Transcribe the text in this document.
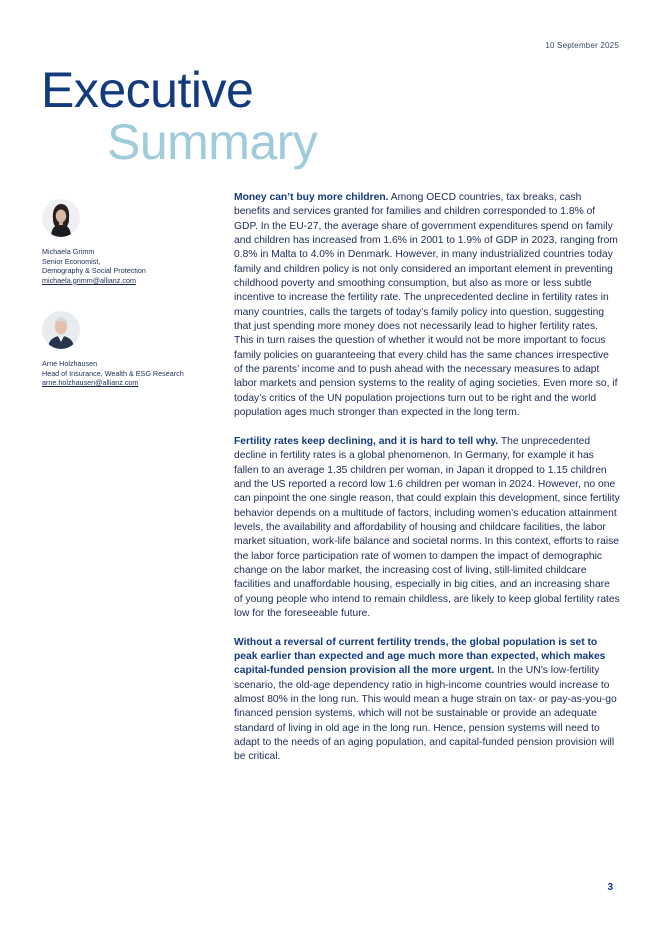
10 September 2025
Executive
Summary
Michaela Grimm
Senior Economist,
Demography & Social Protection
michaela.grimm@allianz.com
Arne Holzhausen
Head of Insurance, Wealth & ESG Research
arne.holzhausen@allianz.com

Money can’t buy more children. Among OECD countries, tax breaks, cash benefits and services granted for families and children corresponded to 1.8% of GDP. In the EU-27, the average share of government expenditures spend on family and children has increased from 1.6% in 2001 to 1.9% of GDP in 2023, ranging from 0.8% in Malta to 4.0% in Denmark. However, in many industrialized countries today family and children policy is not only considered an important element in preventing childhood poverty and smoothing consumption, but also as more or less subtle incentive to increase the fertility rate. The unprecedented decline in fertility rates in many countries, calls the targets of today’s family policy into question, suggesting that just spending more money does not necessarily lead to higher fertility rates. This in turn raises the question of whether it would not be more important to focus family policies on guaranteeing that every child has the same chances irrespective of the parents’ income and to push ahead with the necessary measures to adapt labor markets and pension systems to the reality of aging societies. Even more so, if today’s critics of the UN population projections turn out to be right and the world population ages much stronger than expected in the long term.

Fertility rates keep declining, and it is hard to tell why. The unprecedented decline in fertility rates is a global phenomenon. In Germany, for example it has fallen to an average 1.35 children per woman, in Japan it dropped to 1.15 children and the US reported a record low 1.6 children per woman in 2024. However, no one can pinpoint the one single reason, that could explain this development, since fertility behavior depends on a multitude of factors, including women’s education attainment levels, the availability and affordability of housing and childcare facilities, the labor market situation, work-life balance and societal norms. In this context, efforts to raise the labor force participation rate of women to dampen the impact of demographic change on the labor market, the increasing cost of living, still-limited childcare facilities and unaffordable housing, especially in big cities, and an increasing share of young people who intend to remain childless, are likely to keep global fertility rates low for the foreseeable future.

Without a reversal of current fertility trends, the global population is set to peak earlier than expected and age much more than expected, which makes capital-funded pension provision all the more urgent. In the UN’s low-fertility scenario, the old-age dependency ratio in high-income countries would increase to almost 80% in the long run. This would mean a huge strain on tax- or pay-as-you-go financed pension systems, which will not be sustainable or provide an adequate standard of living in old age in the long run. Hence, pension systems will need to adapt to the needs of an aging population, and capital-funded pension provision will be critical.

3
